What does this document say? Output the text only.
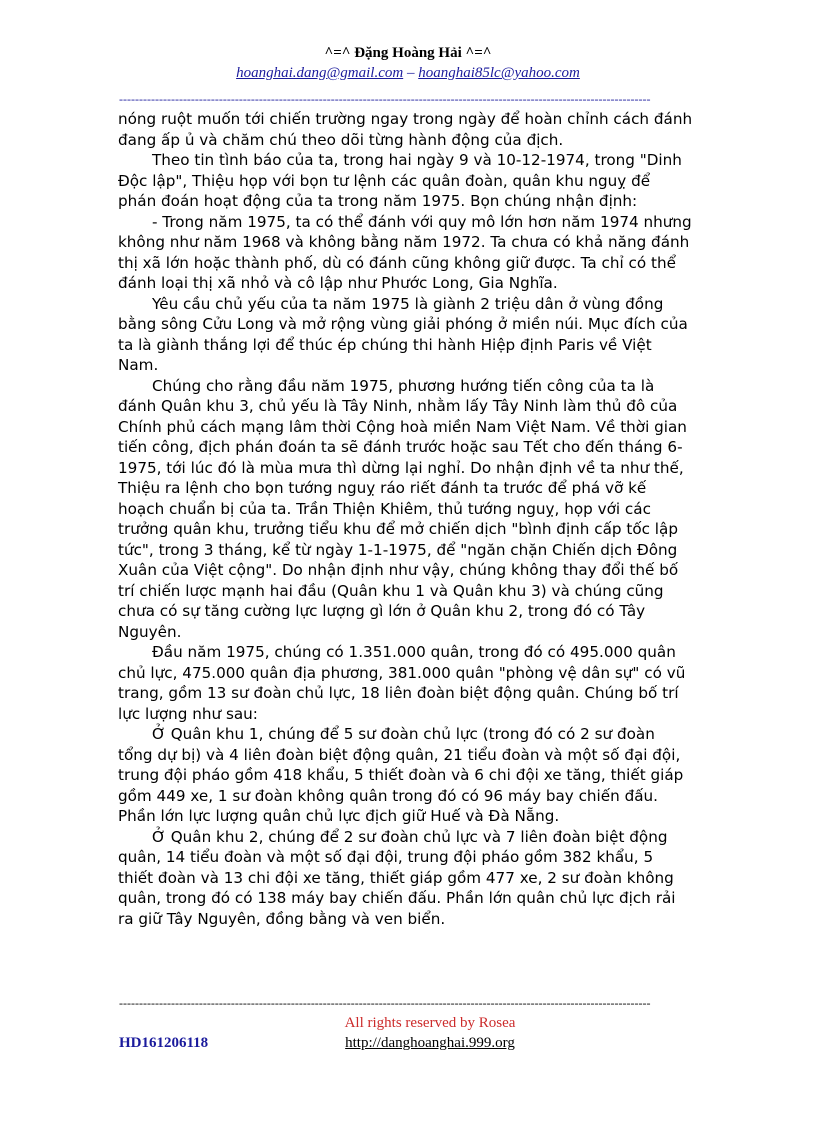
^=^ Đặng Hoàng Hải ^=^
hoanghai.dang@gmail.com – hoanghai85lc@yahoo.com
-------------------------------------------------------------------------------------------------------------------------------------

nóng ruột muốn tới chiến trường ngay trong ngày để hoàn chỉnh cách đánh đang ấp ủ và chăm chú theo dõi từng hành động của địch.

Theo tin tình báo của ta, trong hai ngày 9 và 10-12-1974, trong "Dinh Độc lập", Thiệu họp với bọn tư lệnh các quân đoàn, quân khu nguỵ để phán đoán hoạt động của ta trong năm 1975. Bọn chúng nhận định:

- Trong năm 1975, ta có thể đánh với quy mô lớn hơn năm 1974 nhưng không như năm 1968 và không bằng năm 1972. Ta chưa có khả năng đánh thị xã lớn hoặc thành phố, dù có đánh cũng không giữ được. Ta chỉ có thể đánh loại thị xã nhỏ và cô lập như Phước Long, Gia Nghĩa.

Yêu cầu chủ yếu của ta năm 1975 là giành 2 triệu dân ở vùng đồng bằng sông Cửu Long và mở rộng vùng giải phóng ở miền núi. Mục đích của ta là giành thắng lợi để thúc ép chúng thi hành Hiệp định Paris về Việt Nam.

Chúng cho rằng đầu năm 1975, phương hướng tiến công của ta là đánh Quân khu 3, chủ yếu là Tây Ninh, nhằm lấy Tây Ninh làm thủ đô của Chính phủ cách mạng lâm thời Cộng hoà miền Nam Việt Nam. Về thời gian tiến công, địch phán đoán ta sẽ đánh trước hoặc sau Tết cho đến tháng 6-1975, tới lúc đó là mùa mưa thì dừng lại nghỉ. Do nhận định về ta như thế, Thiệu ra lệnh cho bọn tướng nguỵ ráo riết đánh ta trước để phá vỡ kế hoạch chuẩn bị của ta. Trần Thiện Khiêm, thủ tướng nguỵ, họp với các trưởng quân khu, trưởng tiểu khu để mở chiến dịch "bình định cấp tốc lập tức", trong 3 tháng, kể từ ngày 1-1-1975, để "ngăn chặn Chiến dịch Đông Xuân của Việt cộng". Do nhận định như vậy, chúng không thay đổi thế bố trí chiến lược mạnh hai đầu (Quân khu 1 và Quân khu 3) và chúng cũng chưa có sự tăng cường lực lượng gì lớn ở Quân khu 2, trong đó có Tây Nguyên.

Đầu năm 1975, chúng có 1.351.000 quân, trong đó có 495.000 quân chủ lực, 475.000 quân địa phương, 381.000 quân "phòng vệ dân sự" có vũ trang, gồm 13 sư đoàn chủ lực, 18 liên đoàn biệt động quân. Chúng bố trí lực lượng như sau:

Ở Quân khu 1, chúng để 5 sư đoàn chủ lực (trong đó có 2 sư đoàn tổng dự bị) và 4 liên đoàn biệt động quân, 21 tiểu đoàn và một số đại đội, trung đội pháo gồm 418 khẩu, 5 thiết đoàn và 6 chi đội xe tăng, thiết giáp gồm 449 xe, 1 sư đoàn không quân trong đó có 96 máy bay chiến đấu. Phần lớn lực lượng quân chủ lực địch giữ Huế và Đà Nẵng.

Ở Quân khu 2, chúng để 2 sư đoàn chủ lực và 7 liên đoàn biệt động quân, 14 tiểu đoàn và một số đại đội, trung đội pháo gồm 382 khẩu, 5 thiết đoàn và 13 chi đội xe tăng, thiết giáp gồm 477 xe, 2 sư đoàn không quân, trong đó có 138 máy bay chiến đấu. Phần lớn quân chủ lực địch rải ra giữ Tây Nguyên, đồng bằng và ven biển.

-------------------------------------------------------------------------------------------------------------------------------------
All rights reserved by Rosea
HD161206118	http://danghoanghai.999.org
